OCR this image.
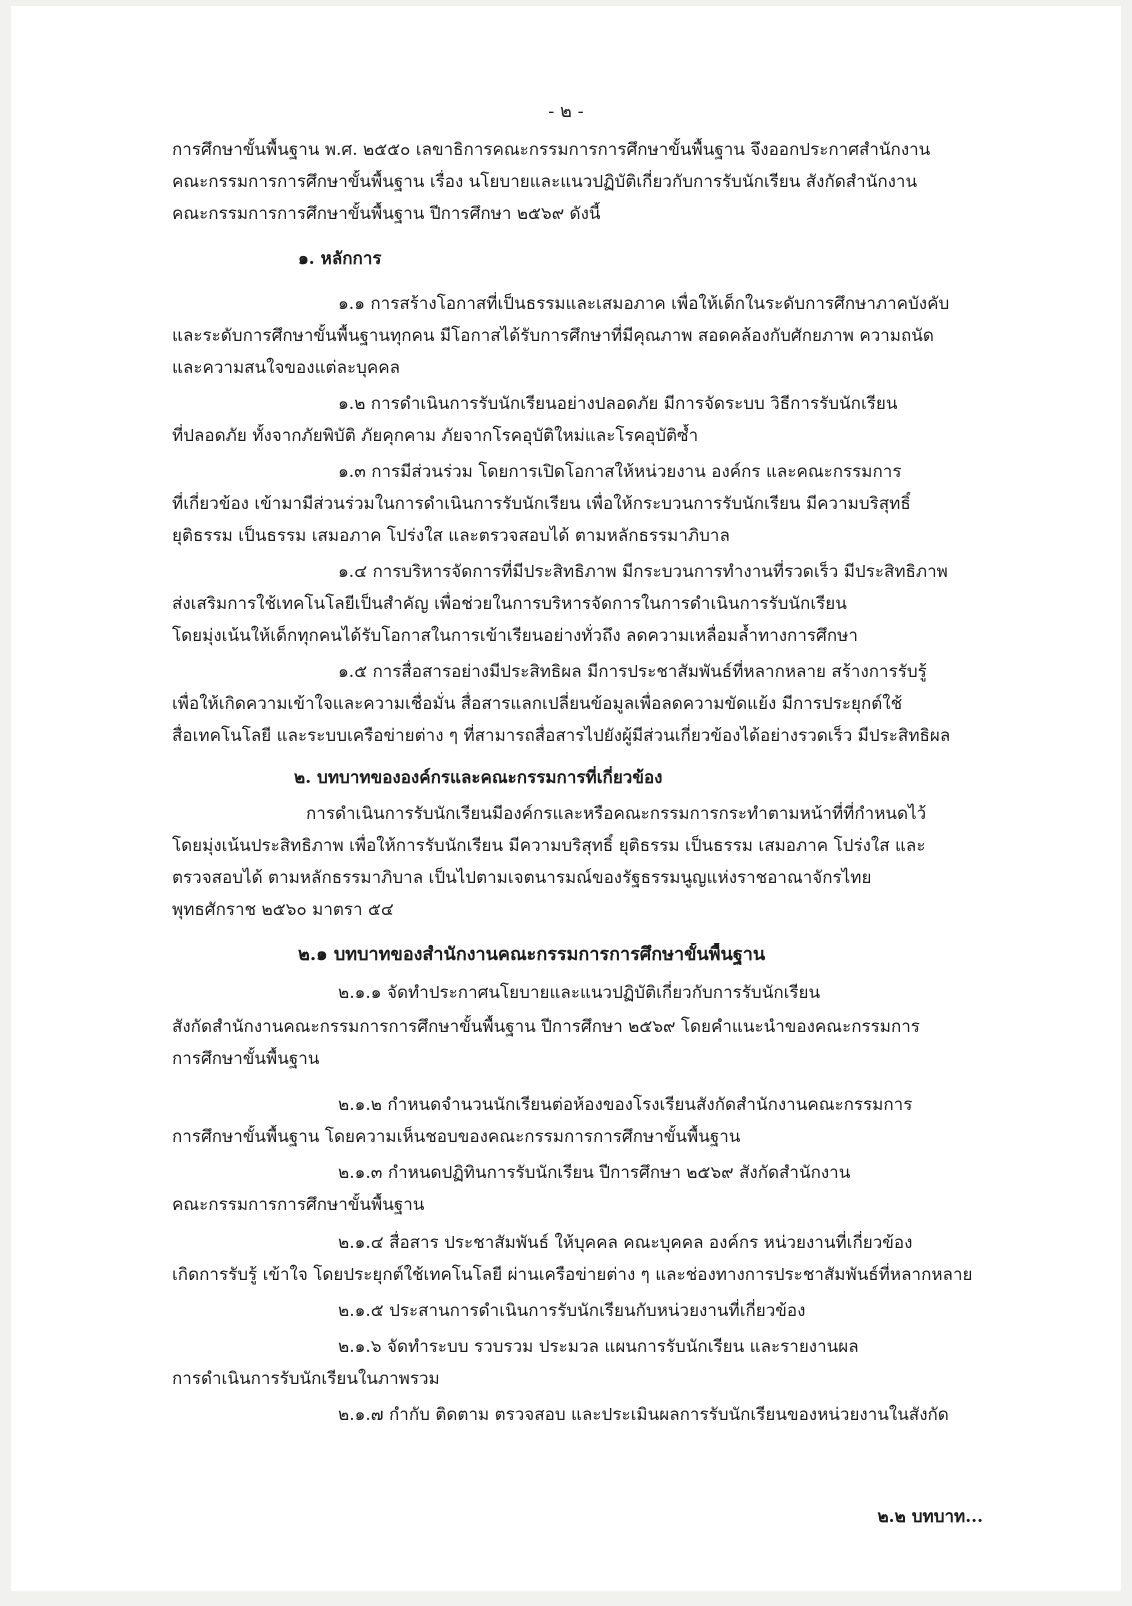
- ๒ -
การศึกษาขั้นพื้นฐาน พ.ศ. ๒๕๕๐ เลขาธิการคณะกรรมการการศึกษาขั้นพื้นฐาน จึงออกประกาศสำนักงาน
คณะกรรมการการศึกษาขั้นพื้นฐาน เรื่อง นโยบายและแนวปฏิบัติเกี่ยวกับการรับนักเรียน สังกัดสำนักงาน
คณะกรรมการการศึกษาขั้นพื้นฐาน ปีการศึกษา ๒๕๖๙ ดังนี้
๑. หลักการ
๑.๑ การสร้างโอกาสที่เป็นธรรมและเสมอภาค เพื่อให้เด็กในระดับการศึกษาภาคบังคับ
และระดับการศึกษาขั้นพื้นฐานทุกคน มีโอกาสได้รับการศึกษาที่มีคุณภาพ สอดคล้องกับศักยภาพ ความถนัด
และความสนใจของแต่ละบุคคล
๑.๒ การดำเนินการรับนักเรียนอย่างปลอดภัย มีการจัดระบบ วิธีการรับนักเรียน
ที่ปลอดภัย ทั้งจากภัยพิบัติ ภัยคุกคาม ภัยจากโรคอุบัติใหม่และโรคอุบัติซ้ำ
๑.๓ การมีส่วนร่วม โดยการเปิดโอกาสให้หน่วยงาน องค์กร และคณะกรรมการ
ที่เกี่ยวข้อง เข้ามามีส่วนร่วมในการดำเนินการรับนักเรียน เพื่อให้กระบวนการรับนักเรียน มีความบริสุทธิ์
ยุติธรรม เป็นธรรม เสมอภาค โปร่งใส และตรวจสอบได้ ตามหลักธรรมาภิบาล
๑.๔ การบริหารจัดการที่มีประสิทธิภาพ มีกระบวนการทำงานที่รวดเร็ว มีประสิทธิภาพ
ส่งเสริมการใช้เทคโนโลยีเป็นสำคัญ เพื่อช่วยในการบริหารจัดการในการดำเนินการรับนักเรียน
โดยมุ่งเน้นให้เด็กทุกคนได้รับโอกาสในการเข้าเรียนอย่างทั่วถึง ลดความเหลื่อมล้ำทางการศึกษา
๑.๕ การสื่อสารอย่างมีประสิทธิผล มีการประชาสัมพันธ์ที่หลากหลาย สร้างการรับรู้
เพื่อให้เกิดความเข้าใจและความเชื่อมั่น สื่อสารแลกเปลี่ยนข้อมูลเพื่อลดความขัดแย้ง มีการประยุกต์ใช้
สื่อเทคโนโลยี และระบบเครือข่ายต่าง ๆ ที่สามารถสื่อสารไปยังผู้มีส่วนเกี่ยวข้องได้อย่างรวดเร็ว มีประสิทธิผล
๒. บทบาทขององค์กรและคณะกรรมการที่เกี่ยวข้อง
การดำเนินการรับนักเรียนมีองค์กรและหรือคณะกรรมการกระทำตามหน้าที่ที่กำหนดไว้
โดยมุ่งเน้นประสิทธิภาพ เพื่อให้การรับนักเรียน มีความบริสุทธิ์ ยุติธรรม เป็นธรรม เสมอภาค โปร่งใส และ
ตรวจสอบได้ ตามหลักธรรมาภิบาล เป็นไปตามเจตนารมณ์ของรัฐธรรมนูญแห่งราชอาณาจักรไทย
พุทธศักราช ๒๕๖๐ มาตรา ๕๔
๒.๑ บทบาทของสำนักงานคณะกรรมการการศึกษาขั้นพื้นฐาน
๒.๑.๑ จัดทำประกาศนโยบายและแนวปฏิบัติเกี่ยวกับการรับนักเรียน
สังกัดสำนักงานคณะกรรมการการศึกษาขั้นพื้นฐาน ปีการศึกษา ๒๕๖๙ โดยคำแนะนำของคณะกรรมการ
การศึกษาขั้นพื้นฐาน
๒.๑.๒ กำหนดจำนวนนักเรียนต่อห้องของโรงเรียนสังกัดสำนักงานคณะกรรมการ
การศึกษาขั้นพื้นฐาน โดยความเห็นชอบของคณะกรรมการการศึกษาขั้นพื้นฐาน
๒.๑.๓ กำหนดปฏิทินการรับนักเรียน ปีการศึกษา ๒๕๖๙ สังกัดสำนักงาน
คณะกรรมการการศึกษาขั้นพื้นฐาน
๒.๑.๔ สื่อสาร ประชาสัมพันธ์ ให้บุคคล คณะบุคคล องค์กร หน่วยงานที่เกี่ยวข้อง
เกิดการรับรู้ เข้าใจ โดยประยุกต์ใช้เทคโนโลยี ผ่านเครือข่ายต่าง ๆ และช่องทางการประชาสัมพันธ์ที่หลากหลาย
๒.๑.๕ ประสานการดำเนินการรับนักเรียนกับหน่วยงานที่เกี่ยวข้อง
๒.๑.๖ จัดทำระบบ รวบรวม ประมวล แผนการรับนักเรียน และรายงานผล
การดำเนินการรับนักเรียนในภาพรวม
๒.๑.๗ กำกับ ติดตาม ตรวจสอบ และประเมินผลการรับนักเรียนของหน่วยงานในสังกัด
๒.๒ บทบาท...
